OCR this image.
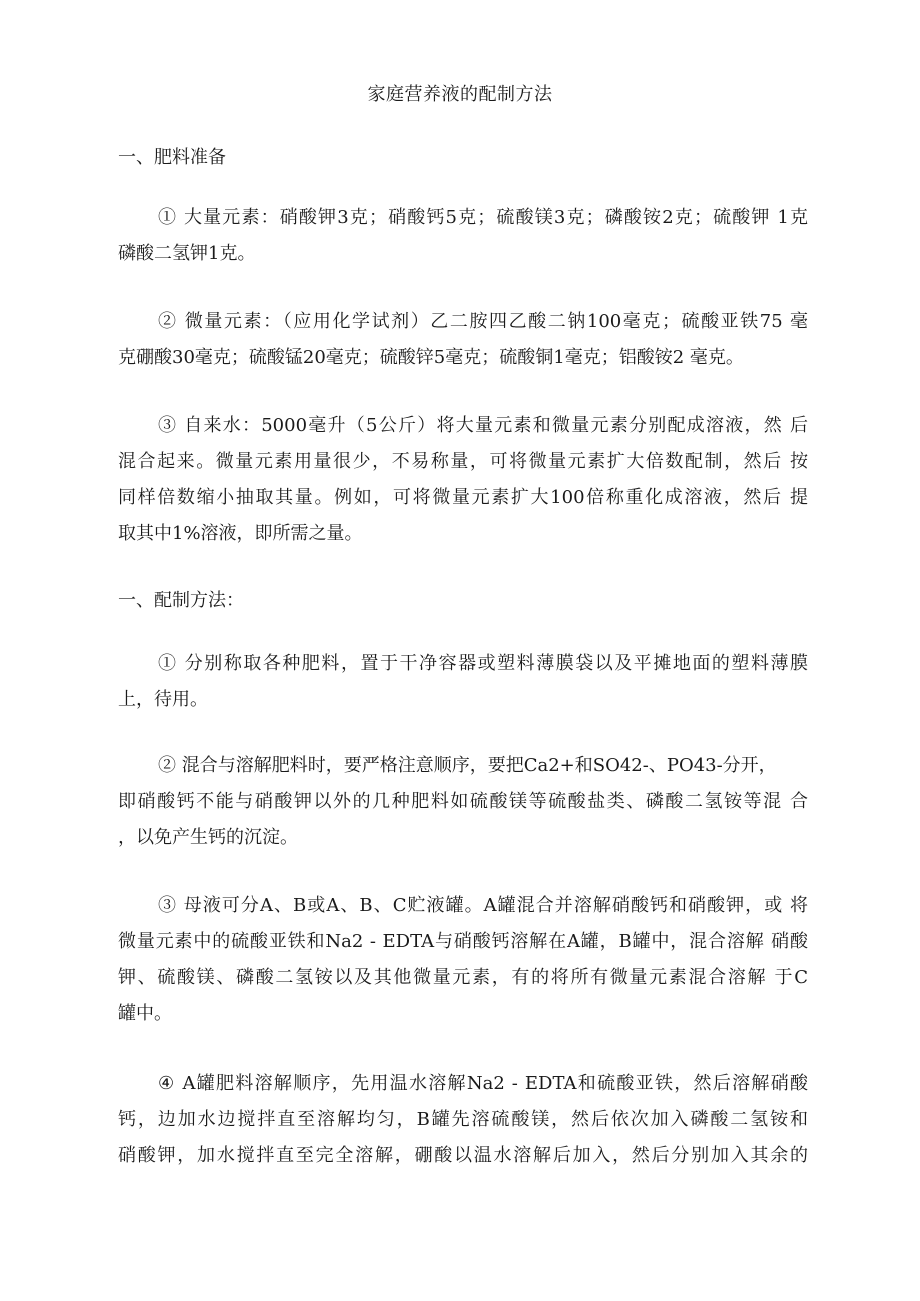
家庭营养液的配制方法
一、肥料准备
① 大量元素：硝酸钾3克；硝酸钙5克；硫酸镁3克；磷酸铵2克；硫酸钾 1克
磷酸二氢钾1克。
② 微量元素：（应用化学试剂）乙二胺四乙酸二钠100毫克；硫酸亚铁75 毫
克硼酸30毫克；硫酸锰20毫克；硫酸锌5毫克；硫酸铜1毫克；铝酸铵2 毫克。
③ 自来水：5000毫升（5公斤）将大量元素和微量元素分别配成溶液，然 后
混合起来。微量元素用量很少，不易称量，可将微量元素扩大倍数配制，然后 按
同样倍数缩小抽取其量。例如，可将微量元素扩大100倍称重化成溶液，然后 提
取其中1%溶液，即所需之量。
一、配制方法：
① 分别称取各种肥料，置于干净容器或塑料薄膜袋以及平摊地面的塑料薄膜
上，待用。
② 混合与溶解肥料时，要严格注意顺序，要把Ca2+和SO42-、PO43-分开，
即硝酸钙不能与硝酸钾以外的几种肥料如硫酸镁等硫酸盐类、磷酸二氢铵等混 合
，以免产生钙的沉淀。
③ 母液可分A、B或A、B、C贮液罐。A罐混合并溶解硝酸钙和硝酸钾，或 将
微量元素中的硫酸亚铁和Na2 - EDTA与硝酸钙溶解在A罐，B罐中，混合溶解 硝酸
钾、硫酸镁、磷酸二氢铵以及其他微量元素，有的将所有微量元素混合溶解 于C
罐中。
④ A罐肥料溶解顺序，先用温水溶解Na2 - EDTA和硫酸亚铁，然后溶解硝酸
钙，边加水边搅拌直至溶解均匀，B罐先溶硫酸镁，然后依次加入磷酸二氢铵和
硝酸钾，加水搅拌直至完全溶解，硼酸以温水溶解后加入，然后分别加入其余的
